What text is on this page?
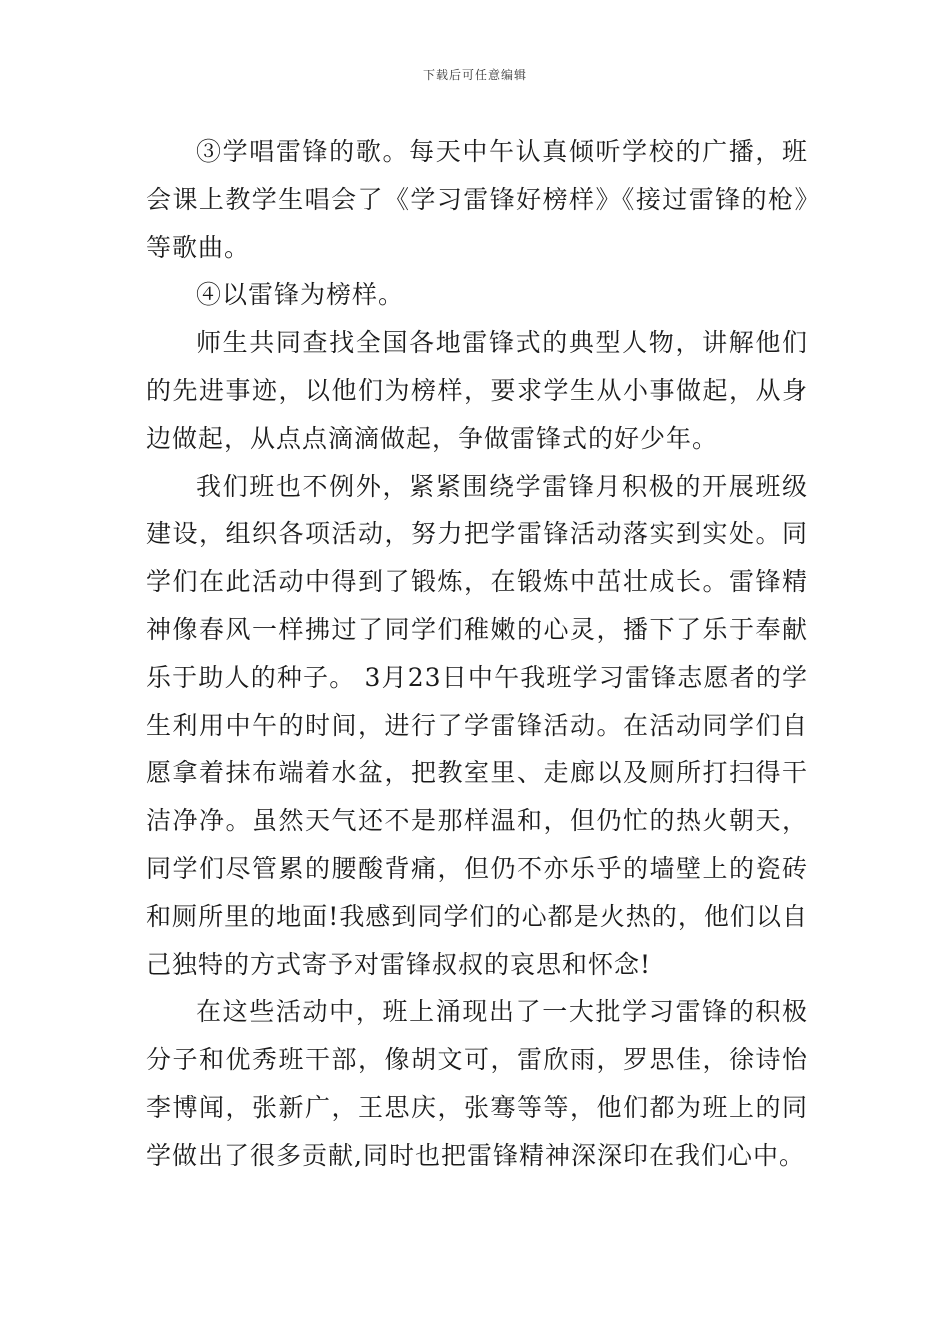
下载后可任意编辑

③学唱雷锋的歌。每天中午认真倾听学校的广播，班会课上教学生唱会了《学习雷锋好榜样》《接过雷锋的枪》等歌曲。

④以雷锋为榜样。

师生共同查找全国各地雷锋式的典型人物，讲解他们的先进事迹，以他们为榜样，要求学生从小事做起，从身边做起，从点点滴滴做起，争做雷锋式的好少年。

我们班也不例外，紧紧围绕学雷锋月积极的开展班级建设，组织各项活动，努力把学雷锋活动落实到实处。同学们在此活动中得到了锻炼，在锻炼中茁壮成长。雷锋精神像春风一样拂过了同学们稚嫩的心灵，播下了乐于奉献乐于助人的种子。 3月23日中午我班学习雷锋志愿者的学生利用中午的时间，进行了学雷锋活动。在活动同学们自愿拿着抹布端着水盆，把教室里、走廊以及厕所打扫得干洁净净。虽然天气还不是那样温和，但仍忙的热火朝天，同学们尽管累的腰酸背痛，但仍不亦乐乎的墙壁上的瓷砖和厕所里的地面!我感到同学们的心都是火热的，他们以自己独特的方式寄予对雷锋叔叔的哀思和怀念!

在这些活动中，班上涌现出了一大批学习雷锋的积极分子和优秀班干部，像胡文可，雷欣雨，罗思佳，徐诗怡李博闻，张新广，王思庆，张骞等等，他们都为班上的同学做出了很多贡献,同时也把雷锋精神深深印在我们心中。
